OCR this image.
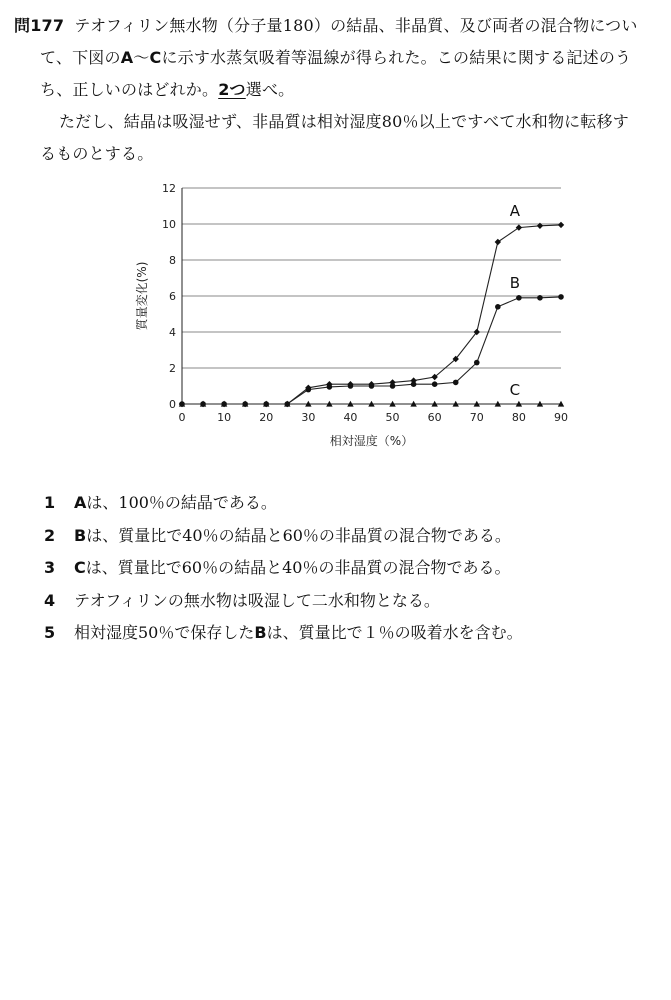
問177 テオフィリン無水物（分子量180）の結晶、非晶質、及び両者の混合物につい
て、下図のA～Cに示す水蒸気吸着等温線が得られた。この結果に関する記述のう
ち、正しいのはどれか。2つ選べ。
ただし、結晶は吸湿せず、非晶質は相対湿度80％以上ですべて水和物に転移す
るものとする。
0
2
4
6
8
10
12
0	10	20	30	40	50	60	70	80	90
相対湿度（%）
質量変化(%)
A
B
C
1 Aは、100％の結晶である。
2 Bは、質量比で40％の結晶と60％の非晶質の混合物である。
3 Cは、質量比で60％の結晶と40％の非晶質の混合物である。
4 テオフィリンの無水物は吸湿して二水和物となる。
5 相対湿度50％で保存したBは、質量比で１％の吸着水を含む。
